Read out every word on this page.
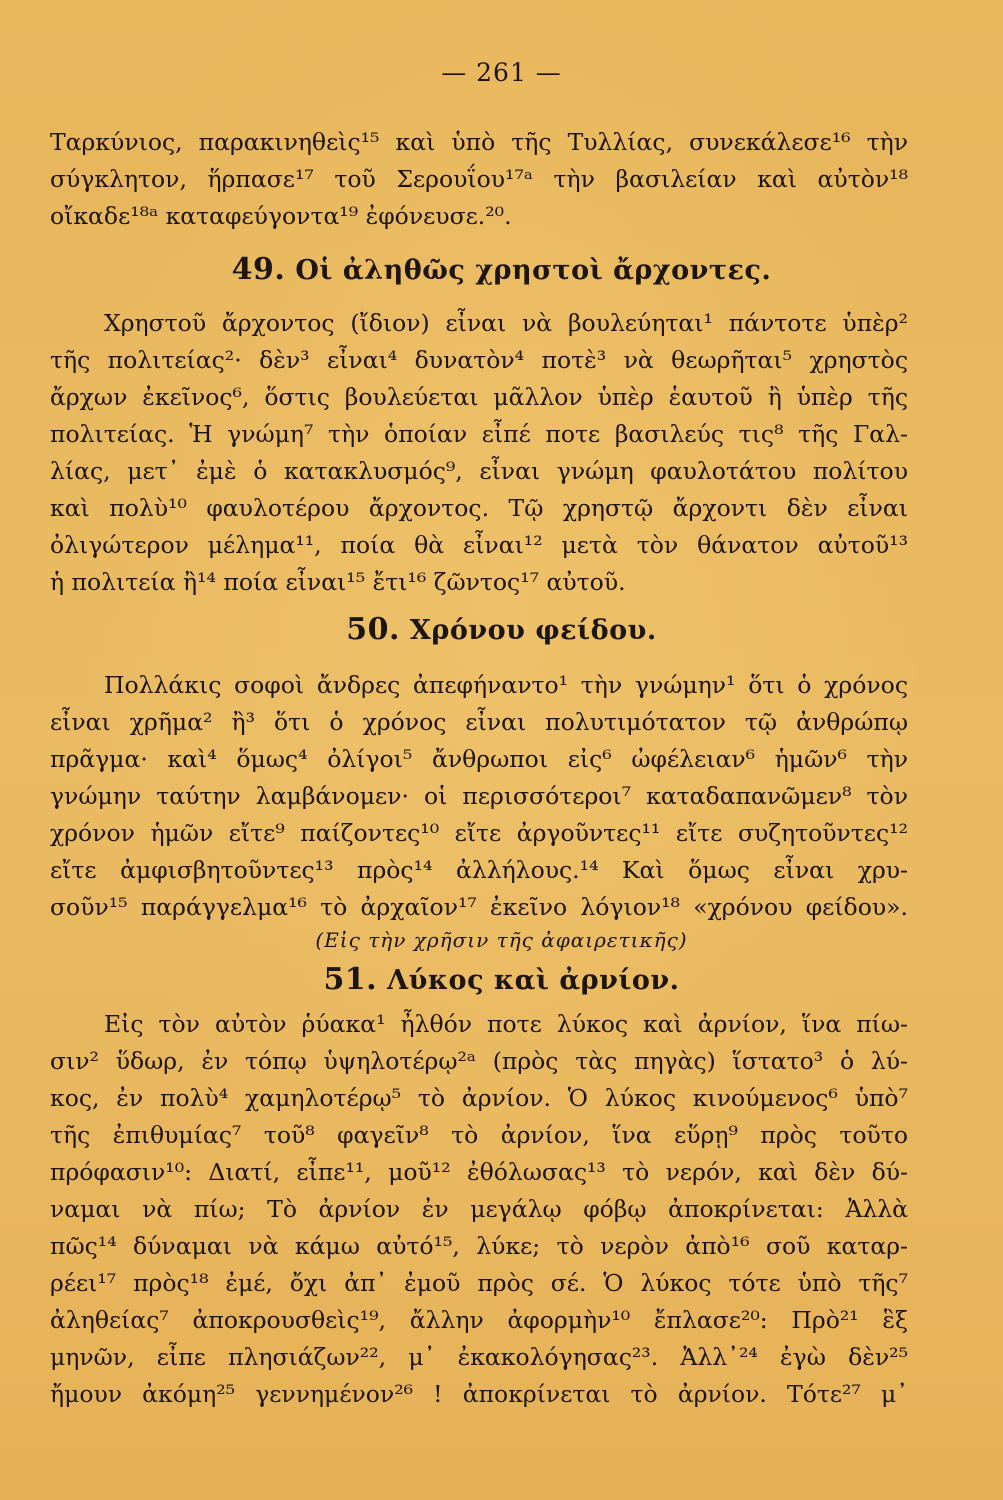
— 261 —
Ταρκύνιος, παρακινηθεὶς¹⁵ καὶ ὑπὸ τῆς Τυλλίας, συνεκάλεσε¹⁶ τὴν
σύγκλητον, ἥρπασε¹⁷ τοῦ Σερουΐου¹⁷ᵃ τὴν βασιλείαν καὶ αὐτὸν¹⁸
οἴκαδε¹⁸ᵃ καταφεύγοντα¹⁹ ἐφόνευσε.²⁰.
49. Οἱ ἀληθῶς χρηστοὶ ἄρχοντες.
Χρηστοῦ ἄρχοντος (ἴδιον) εἶναι νὰ βουλεύηται¹ πάντοτε ὑπὲρ²
τῆς πολιτείας²· δὲν³ εἶναι⁴ δυνατὸν⁴ ποτὲ³ νὰ θεωρῆται⁵ χρηστὸς
ἄρχων ἐκεῖνος⁶, ὅστις βουλεύεται μᾶλλον ὑπὲρ ἑαυτοῦ ἢ ὑπὲρ τῆς
πολιτείας. Ἡ γνώμη⁷ τὴν ὁποίαν εἶπέ ποτε βασιλεύς τις⁸ τῆς Γαλ-
λίας, μετ᾽ ἐμὲ ὁ κατακλυσμός⁹, εἶναι γνώμη φαυλοτάτου πολίτου
καὶ πολὺ¹⁰ φαυλοτέρου ἄρχοντος. Τῷ χρηστῷ ἄρχοντι δὲν εἶναι
ὀλιγώτερον μέλημα¹¹, ποία θὰ εἶναι¹² μετὰ τὸν θάνατον αὐτοῦ¹³
ἡ πολιτεία ἢ¹⁴ ποία εἶναι¹⁵ ἔτι¹⁶ ζῶντος¹⁷ αὐτοῦ.
50. Χρόνου φείδου.
Πολλάκις σοφοὶ ἄνδρες ἀπεφήναντο¹ τὴν γνώμην¹ ὅτι ὁ χρόνος
εἶναι χρῆμα² ἢ³ ὅτι ὁ χρόνος εἶναι πολυτιμότατον τῷ ἀνθρώπῳ
πρᾶγμα· καὶ⁴ ὅμως⁴ ὀλίγοι⁵ ἄνθρωποι εἰς⁶ ὠφέλειαν⁶ ἡμῶν⁶ τὴν
γνώμην ταύτην λαμβάνομεν· οἱ περισσότεροι⁷ καταδαπανῶμεν⁸ τὸν
χρόνον ἡμῶν εἴτε⁹ παίζοντες¹⁰ εἴτε ἀργοῦντες¹¹ εἴτε συζητοῦντες¹²
εἴτε ἀμφισβητοῦντες¹³ πρὸς¹⁴ ἀλλήλους.¹⁴ Καὶ ὅμως εἶναι χρυ-
σοῦν¹⁵ παράγγελμα¹⁶ τὸ ἀρχαῖον¹⁷ ἐκεῖνο λόγιον¹⁸ «χρόνου φείδου».
(Εἰς τὴν χρῆσιν τῆς ἀφαιρετικῆς)
51. Λύκος καὶ ἀρνίον.
Εἰς τὸν αὐτὸν ῥύακα¹ ἦλθόν ποτε λύκος καὶ ἀρνίον, ἵνα πίω-
σιν² ὕδωρ, ἐν τόπῳ ὑψηλοτέρῳ²ᵃ (πρὸς τὰς πηγὰς) ἵστατο³ ὁ λύ-
κος, ἐν πολὺ⁴ χαμηλοτέρῳ⁵ τὸ ἀρνίον. Ὁ λύκος κινούμενος⁶ ὑπὸ⁷
τῆς ἐπιθυμίας⁷ τοῦ⁸ φαγεῖν⁸ τὸ ἀρνίον, ἵνα εὕρῃ⁹ πρὸς τοῦτο
πρόφασιν¹⁰: Διατί, εἶπε¹¹, μοῦ¹² ἐθόλωσας¹³ τὸ νερόν, καὶ δὲν δύ-
ναμαι νὰ πίω; Τὸ ἀρνίον ἐν μεγάλῳ φόβῳ ἀποκρίνεται: Ἀλλὰ
πῶς¹⁴ δύναμαι νὰ κάμω αὐτό¹⁵, λύκε; τὸ νερὸν ἀπὸ¹⁶ σοῦ καταρ-
ρέει¹⁷ πρὸς¹⁸ ἐμέ, ὄχι ἀπ᾽ ἐμοῦ πρὸς σέ. Ὁ λύκος τότε ὑπὸ τῆς⁷
ἀληθείας⁷ ἀποκρουσθεὶς¹⁹, ἄλλην ἀφορμὴν¹⁰ ἔπλασε²⁰: Πρὸ²¹ ἓξ
μηνῶν, εἶπε πλησιάζων²², μ᾽ ἐκακολόγησας²³. Ἀλλ᾽²⁴ ἐγὼ δὲν²⁵
ἤμουν ἀκόμη²⁵ γεννημένον²⁶ ! ἀποκρίνεται τὸ ἀρνίον. Τότε²⁷ μ᾽
